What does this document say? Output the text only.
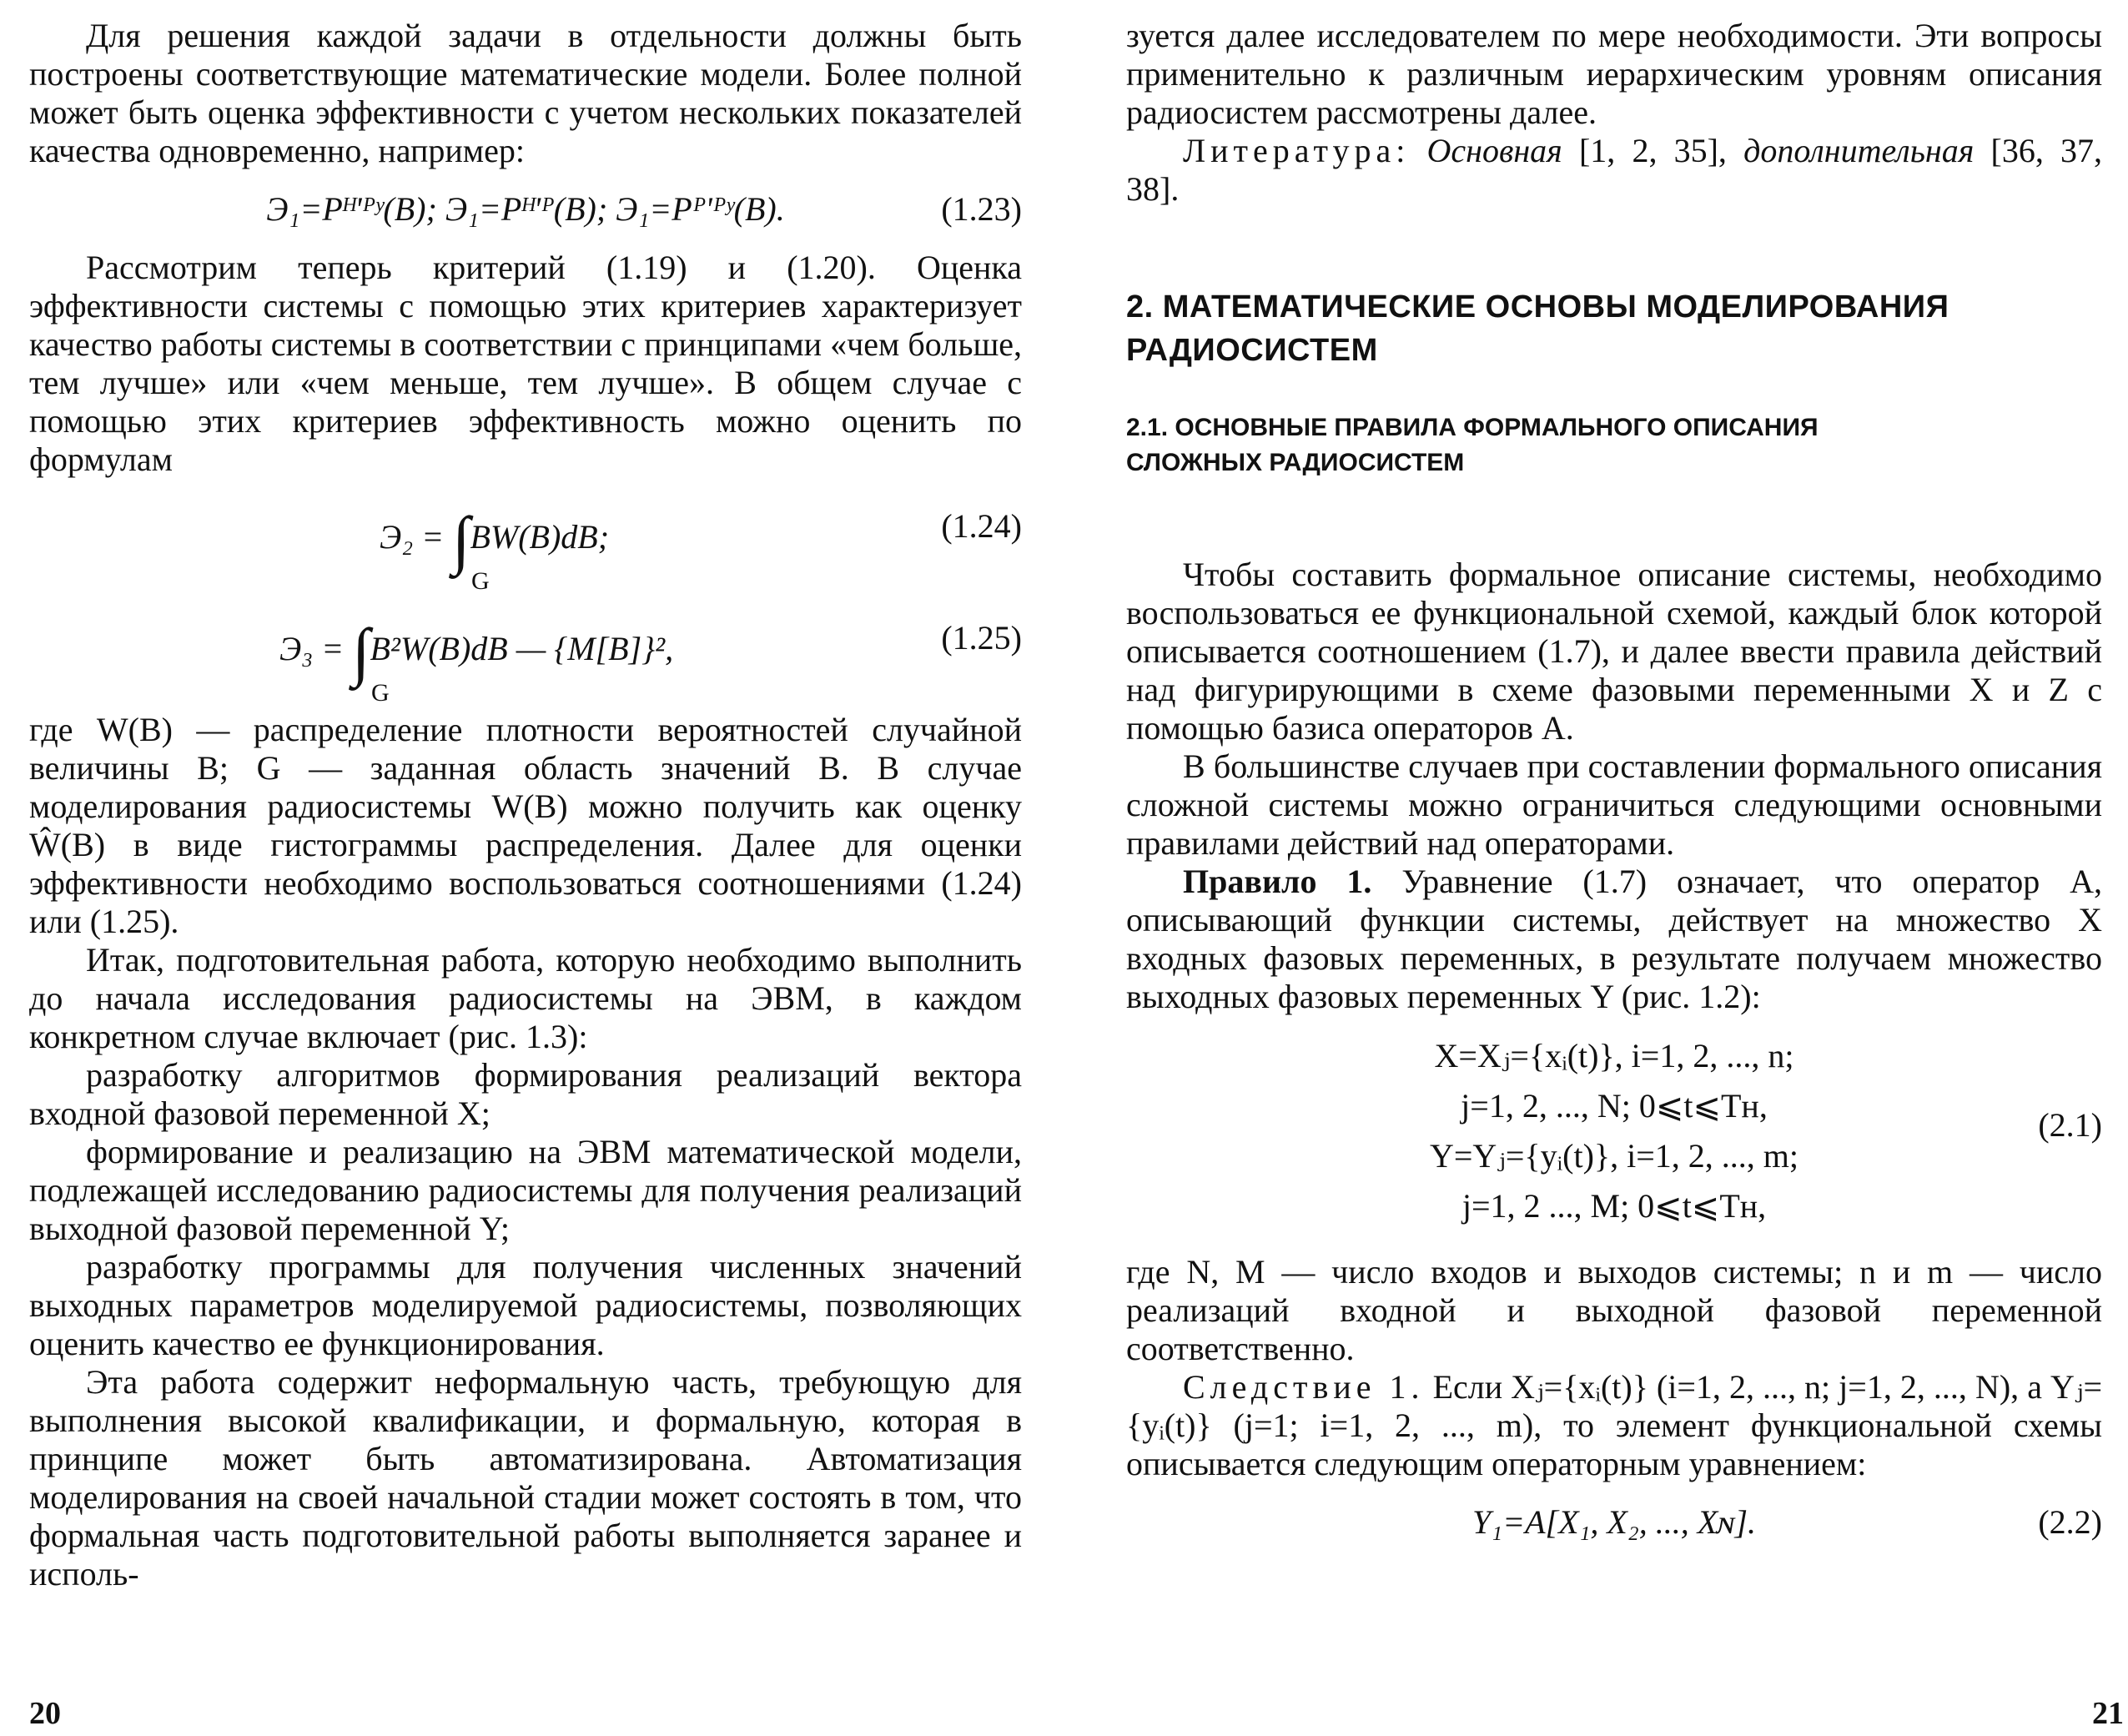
Для решения каждой задачи в отдельности должны быть построены соответствующие математические модели. Более полной может быть оценка эффективности с учетом нескольких показателей качества одновременно, например:

Э₁=Pᴴ'ᴾʸ(B); Э₁=Pᴴ'ᴾ(B); Э₁=Pᴾ'ᴾʸ(B).	(1.23)

Рассмотрим теперь критерий (1.19) и (1.20). Оценка эффективности системы с помощью этих критериев характеризует качество работы системы в соответствии с принципами «чем больше, тем лучше» или «чем меньше, тем лучше». В общем случае с помощью этих критериев эффективность можно оценить по формулам

Э₂ = ∫BW(B)dB;
G
(1.24)
Э₃ = ∫B²W(B)dB — {M[B]}²,
G
(1.25)

где W(B) — распределение плотности вероятностей случайной величины B; G — заданная область значений B. В случае моделирования радиосистемы W(B) можно получить как оценку Ŵ(B) в виде гистограммы распределения. Далее для оценки эффективности необходимо воспользоваться соотношениями (1.24) или (1.25).

Итак, подготовительная работа, которую необходимо выполнить до начала исследования радиосистемы на ЭВМ, в каждом конкретном случае включает (рис. 1.3):

разработку алгоритмов формирования реализаций вектора входной фазовой переменной X;

формирование и реализацию на ЭВМ математической модели, подлежащей исследованию радиосистемы для получения реализаций выходной фазовой переменной Y;

разработку программы для получения численных значений выходных параметров моделируемой радиосистемы, позволяющих оценить качество ее функционирования.

Эта работа содержит неформальную часть, требующую для выполнения высокой квалификации, и формальную, которая в принципе может быть автоматизирована. Автоматизация моделирования на своей начальной стадии может состоять в том, что формальная часть подготовительной работы выполняется заранее и исполь-

20

зуется далее исследователем по мере необходимости. Эти вопросы применительно к различным иерархическим уровням описания радиосистем рассмотрены далее.

Литература: Основная [1, 2, 35], дополнительная [36, 37, 38].

2. МАТЕМАТИЧЕСКИЕ ОСНОВЫ МОДЕЛИРОВАНИЯ РАДИОСИСТЕМ
2.1. ОСНОВНЫЕ ПРАВИЛА ФОРМАЛЬНОГО ОПИСАНИЯ СЛОЖНЫХ РАДИОСИСТЕМ

Чтобы составить формальное описание системы, необходимо воспользоваться ее функциональной схемой, каждый блок которой описывается соотношением (1.7), и далее ввести правила действий над фигурирующими в схеме фазовыми переменными X и Z с помощью базиса операторов A.

В большинстве случаев при составлении формального описания сложной системы можно ограничиться следующими основными правилами действий над операторами.

Правило 1. Уравнение (1.7) означает, что оператор A, описывающий функции системы, действует на множество X входных фазовых переменных, в результате получаем множество выходных фазовых переменных Y (рис. 1.2):

X=Xⱼ={xᵢ(t)}, i=1, 2, ..., n;
j=1, 2, ..., N; 0⩽t⩽Tн,
Y=Yⱼ={yᵢ(t)}, i=1, 2, ..., m;
j=1, 2 ..., M; 0⩽t⩽Tн,
(2.1)

где N, M — число входов и выходов системы; n и m — число реализаций входной и выходной фазовой переменной соответственно.

Следствие 1. Если Xⱼ={xᵢ(t)} (i=1, 2, ..., n; j=1, 2, ..., N), а Yⱼ={yᵢ(t)} (j=1; i=1, 2, ..., m), то элемент функциональной схемы описывается следующим операторным уравнением:

Y₁=A[X₁, X₂, ..., Xɴ].	(2.2)
21
